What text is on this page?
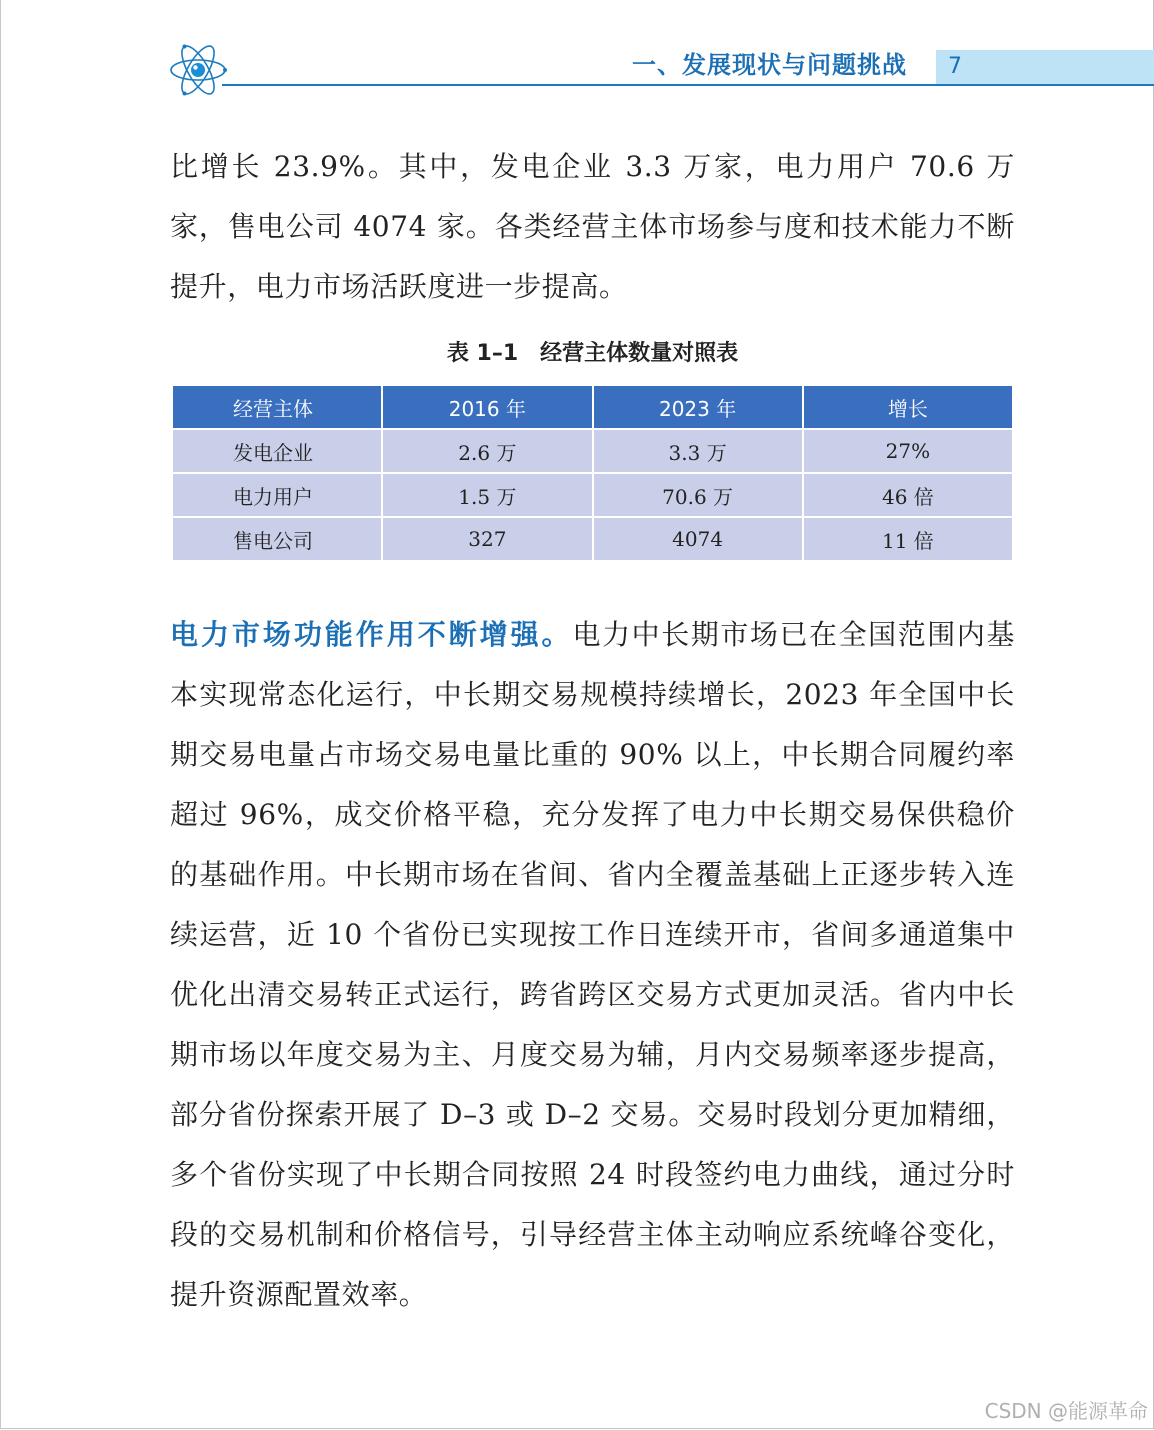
一、发展现状与问题挑战 7

比增长 23.9%。其中，发电企业 3.3 万家，电力用户 70.6 万家，售电公司 4074 家。各类经营主体市场参与度和技术能力不断提升，电力市场活跃度进一步提高。

表 1–1　经营主体数量对照表
经营主体	2016 年	2023 年	增长
发电企业	2.6 万	3.3 万	27%
电力用户	1.5 万	70.6 万	46 倍
售电公司	327	4074	11 倍

电力市场功能作用不断增强。电力中长期市场已在全国范围内基本实现常态化运行，中长期交易规模持续增长，2023 年全国中长期交易电量占市场交易电量比重的 90% 以上，中长期合同履约率超过 96%，成交价格平稳，充分发挥了电力中长期交易保供稳价的基础作用。中长期市场在省间、省内全覆盖基础上正逐步转入连续运营，近 10 个省份已实现按工作日连续开市，省间多通道集中优化出清交易转正式运行，跨省跨区交易方式更加灵活。省内中长期市场以年度交易为主、月度交易为辅，月内交易频率逐步提高，部分省份探索开展了 D–3 或 D–2 交易。交易时段划分更加精细，多个省份实现了中长期合同按照 24 时段签约电力曲线，通过分时段的交易机制和价格信号，引导经营主体主动响应系统峰谷变化，提升资源配置效率。

CSDN @能源革命
